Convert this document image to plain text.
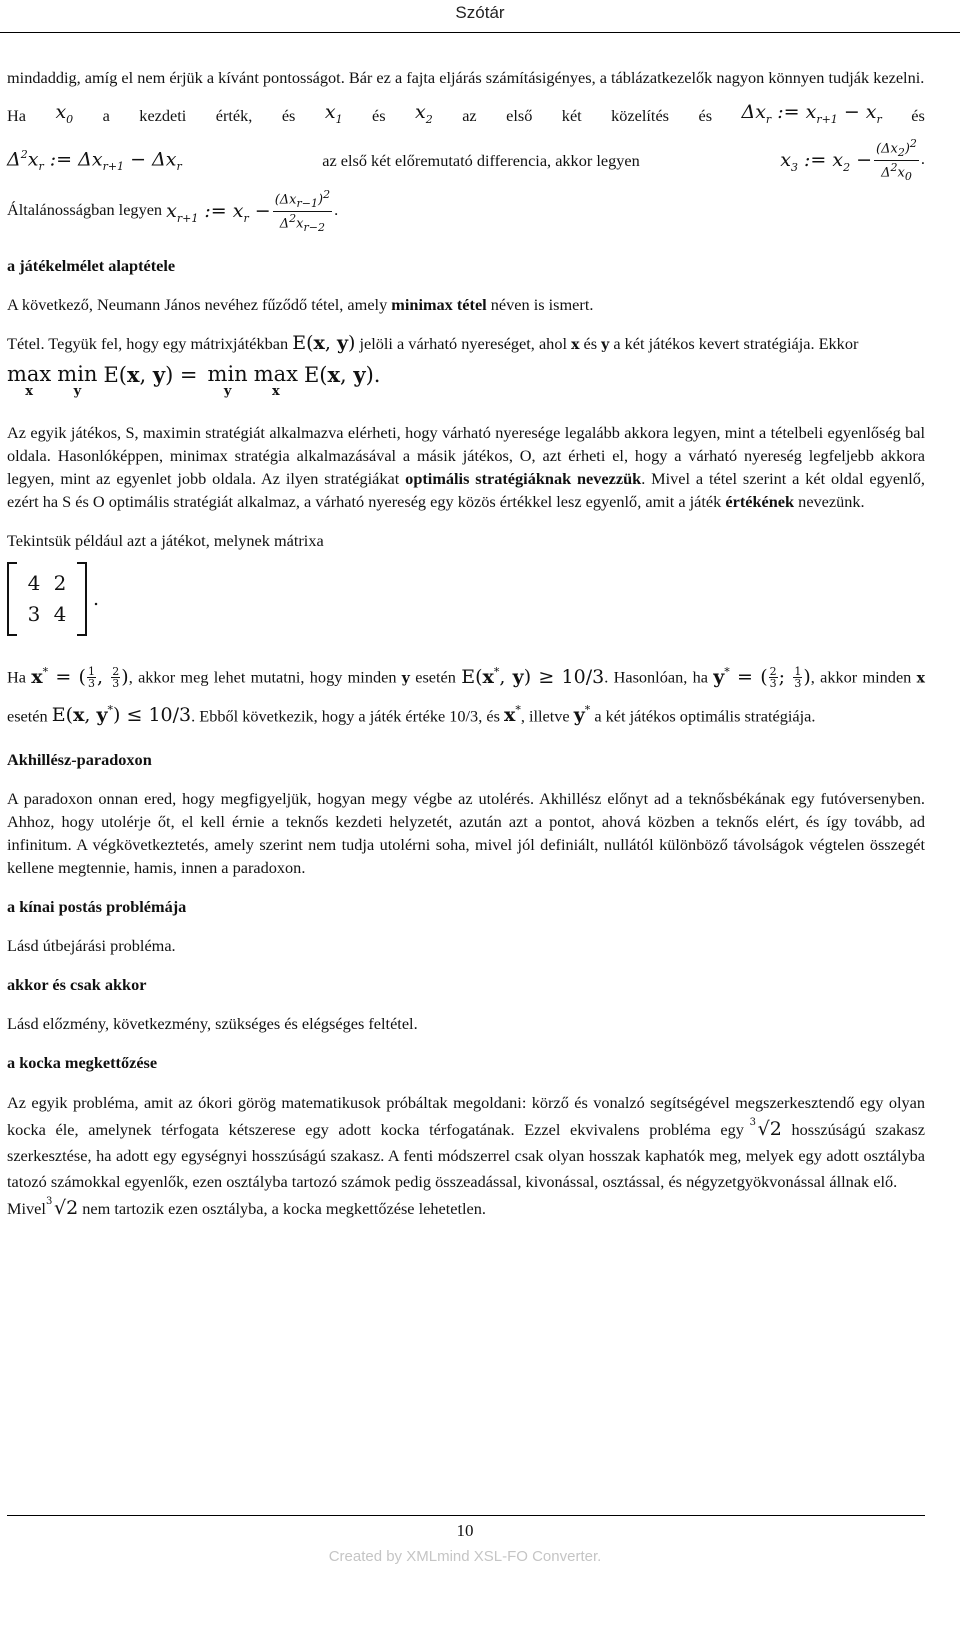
Szótár

mindaddig, amíg el nem érjük a kívánt pontosságot. Bár ez a fajta eljárás számításigényes, a táblázatkezelők nagyon könnyen tudják kezelni.

Ha $x_0$ a kezdeti érték, és $x_1$ és $x_2$ az első két közelítés és $\Delta x_r$ := $x_{r+1} - x_r$ és
$\Delta^2x_r$ := $\Delta x_{r+1} - \Delta x_r$	az első két előremutató differencia, akkor legyen	$x_3$ := $x_2 - \frac{(\Delta x_2)^2}{\Delta^2x_0}$ .
Általánosságban legyen $x_{r+1}$ := $x_r - \frac{(\Delta x_{r-1})^2}{\Delta^2x_{r-2}}$ .
a játékelmélet alaptétele

A következő, Neumann János nevéhez fűződő tétel, amely minimax tétel néven is ismert.

Tétel. Tegyük fel, hogy egy mátrixjátékban E(x, y) jelöli a várható nyereséget, ahol x és y a két játékos kevert stratégiája. Ekkor

max
x
min
y
E(x, y) = min
y
max
x
E(x, y).

Az egyik játékos, S, maximin stratégiát alkalmazva elérheti, hogy várható nyeresége legalább akkora legyen, mint a tételbeli egyenlőség bal oldala. Hasonlóképpen, minimax stratégia alkalmazásával a másik játékos, O, azt érheti el, hogy a várható nyereség legfeljebb akkora legyen, mint az egyenlet jobb oldala. Az ilyen stratégiákat optimális stratégiáknak nevezzük. Mivel a tétel szerint a két oldal egyenlő, ezért ha S és O optimális stratégiát alkalmaz, a várható nyereség egy közös értékkel lesz egyenlő, amit a játék értékének nevezünk.

Tekintsük például azt a játékot, melynek mátrixa

4 2
3 4
.

Ha x* = ( $\frac{1}{3}$ , $\frac{2}{3}$ ), akkor meg lehet mutatni, hogy minden y esetén E(x*, y) ≥ 10/3. Hasonlóan, ha y* = ( $\frac{2}{3}$ ; $\frac{1}{3}$ ), akkor minden x esetén E(x, y*) ≤ 10/3. Ebből következik, hogy a játék értéke 10/3, és x*, illetve y* a két játékos optimális stratégiája.

Akhillész-paradoxon

A paradoxon onnan ered, hogy megfigyeljük, hogyan megy végbe az utolérés. Akhillész előnyt ad a teknősbékának egy futóversenyben. Ahhoz, hogy utolérje őt, el kell érnie a teknős kezdeti helyzetét, azután azt a pontot, ahová közben a teknős elért, és így tovább, ad infinitum. A végkövetkeztetés, amely szerint nem tudja utolérni soha, mivel jól definiált, nullától különböző távolságok végtelen összegét kellene megtennie, hamis, innen a paradoxon.

a kínai postás problémája

Lásd útbejárási probléma.

akkor és csak akkor

Lásd előzmény, következmény, szükséges és elégséges feltétel.

a kocka megkettőzése

Az egyik probléma, amit az ókori görög matematikusok próbáltak megoldani: körző és vonalzó segítségével megszerkesztendő egy olyan kocka éle, amelynek térfogata kétszerese egy adott kocka térfogatának. Ezzel ekvivalens probléma egy 3 √2 hosszúságú szakasz szerkesztése, ha adott egy egységnyi hosszúságú szakasz. A fenti módszerrel csak olyan hosszak kaphatók meg, melyek egy adott osztályba tatozó számokkal egyenlők, ezen osztályba tartozó számok pedig összeadással, kivonással, osztással, és négyzetgyökvonással állnak elő.
Mivel 3 √2 nem tartozik ezen osztályba, a kocka megkettőzése lehetetlen.

10
Created by XMLmind XSL-FO Converter.
